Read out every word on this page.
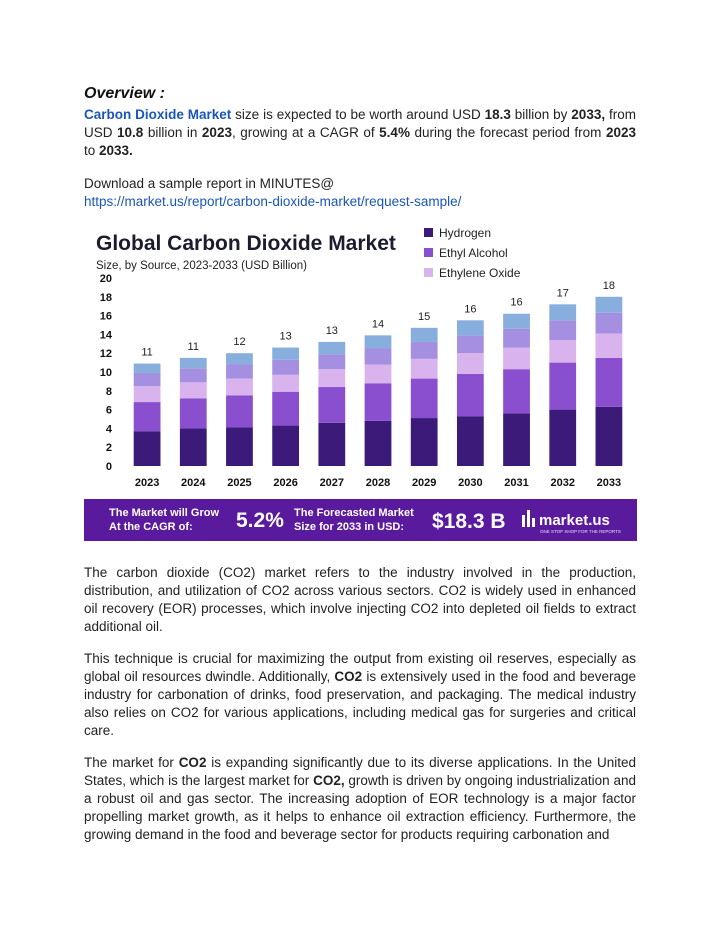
Overview :

Carbon Dioxide Market size is expected to be worth around USD 18.3 billion by 2033, from USD 10.8 billion in 2023, growing at a CAGR of 5.4% during the forecast period from 2023 to 2033.

Download a sample report in MINUTES@
https://market.us/report/carbon-dioxide-market/request-sample/
Global Carbon Dioxide Market
Size, by Source, 2023-2033 (USD Billion)
Hydrogen
Ethyl Alcohol
Ethylene Oxide
0
2
4
6
8
10
12
14
16
18
20
11	11	12	13	13
14
15
16
16
17
18
2023 2024 2025 2026 2027 2028 2029 2030 2031 2032 2033
The Market will Grow
At the CAGR of: 5.2% The Forecasted Market
Size for 2033 in USD: $18.3 B market.us
ONE STOP SHOP FOR THE REPORTS

The carbon dioxide (CO2) market refers to the industry involved in the production, distribution, and utilization of CO2 across various sectors. CO2 is widely used in enhanced oil recovery (EOR) processes, which involve injecting CO2 into depleted oil fields to extract additional oil.

This technique is crucial for maximizing the output from existing oil reserves, especially as global oil resources dwindle. Additionally, CO2 is extensively used in the food and beverage industry for carbonation of drinks, food preservation, and packaging. The medical industry also relies on CO2 for various applications, including medical gas for surgeries and critical care.

The market for CO2 is expanding significantly due to its diverse applications. In the United States, which is the largest market for CO2, growth is driven by ongoing industrialization and a robust oil and gas sector. The increasing adoption of EOR technology is a major factor propelling market growth, as it helps to enhance oil extraction efficiency. Furthermore, the growing demand in the food and beverage sector for products requiring carbonation and
